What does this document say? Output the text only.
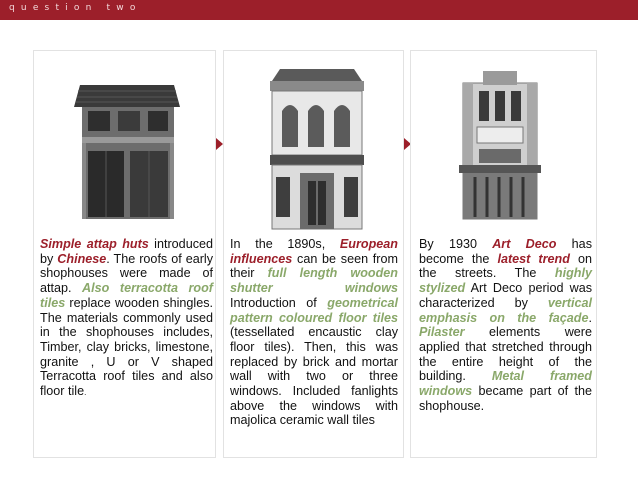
question two
Simple attap huts introduced by Chinese. The roofs of early shophouses were made of attap. Also terracotta roof tiles replace wooden shingles. The materials commonly used in the shophouses includes, Timber, clay bricks, limestone, granite , U or V shaped Terracotta roof tiles and also floor tile.
In the 1890s, European influences can be seen from their full length wooden shutter windows Introduction of geometrical pattern coloured floor tiles (tessellated encaustic clay floor tiles). Then, this was replaced by brick and mortar wall with two or three windows. Included fanlights above the windows with majolica ceramic wall tiles
By 1930 Art Deco has become the latest trend on the streets. The highly stylized Art Deco period was characterized by vertical emphasis on the façade. Pilaster elements were applied that stretched through the entire height of the building. Metal framed windows became part of the shophouse.
